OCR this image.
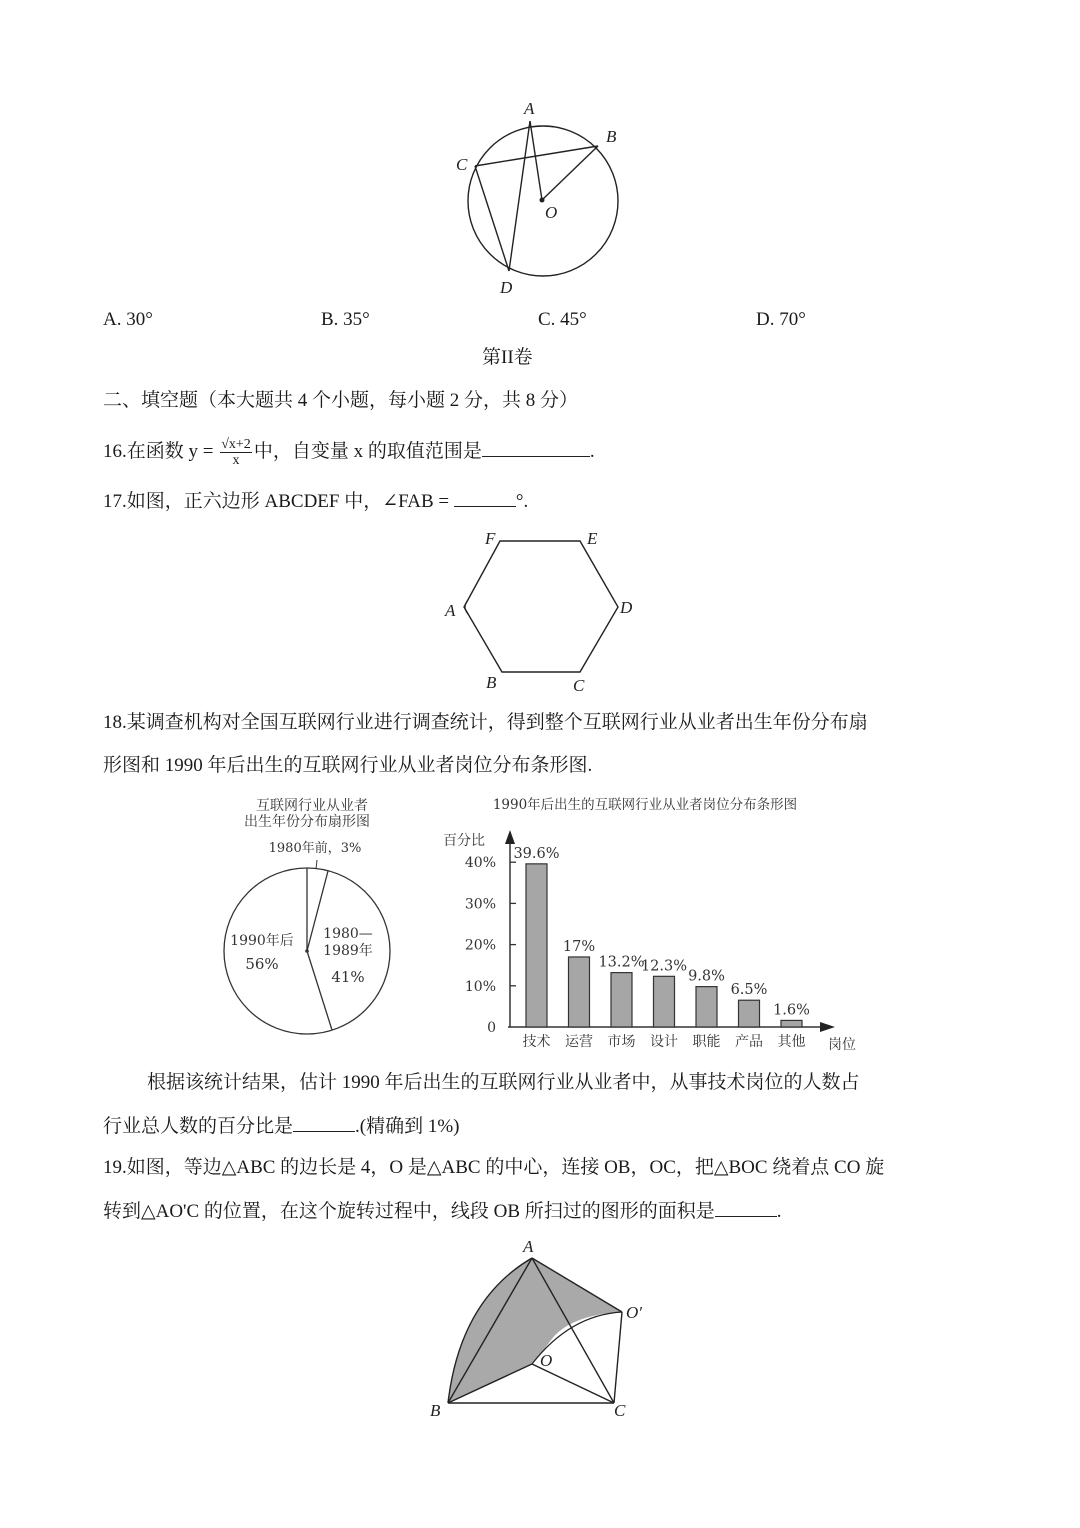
A
B
C
O
D
A. 30°	B. 35°	C. 45°	D. 70°
第II卷
二、填空题（本大题共 4 个小题，每小题 2 分，共 8 分）
16.在函数 $y = \frac{√x+2}{x}$ 中，自变量 x 的取值范围是	.
17.如图，正六边形 ABCDEF 中，∠FAB =	°.
F	E
A	D
B	C
18.某调查机构对全国互联网行业进行调查统计，得到整个互联网行业从业者出生年份分布扇
形图和 1990 年后出生的互联网行业从业者岗位分布条形图.
互联网行业从业者
出生年份分布扇形图
1980年前，3%
1990年后
56%
1980—
1989年
41%
1990年后出生的互联网行业从业者岗位分布条形图
百分比
岗位
0
10%
20%
30%
40%
39.6%
技术
17%
运营
13.2%
市场
12.3%
设计
9.8%
职能
6.5%
产品
1.6%
其他
根据该统计结果，估计 1990 年后出生的互联网行业从业者中，从事技术岗位的人数占
行业总人数的百分比是	.(精确到 1%)
19.如图，等边△ABC 的边长是 4，O 是△ABC 的中心，连接 OB，OC，把△BOC 绕着点 CO 旋
转到△AO'C 的位置，在这个旋转过程中，线段 OB 所扫过的图形的面积是	.
A
O′
O
B	C
